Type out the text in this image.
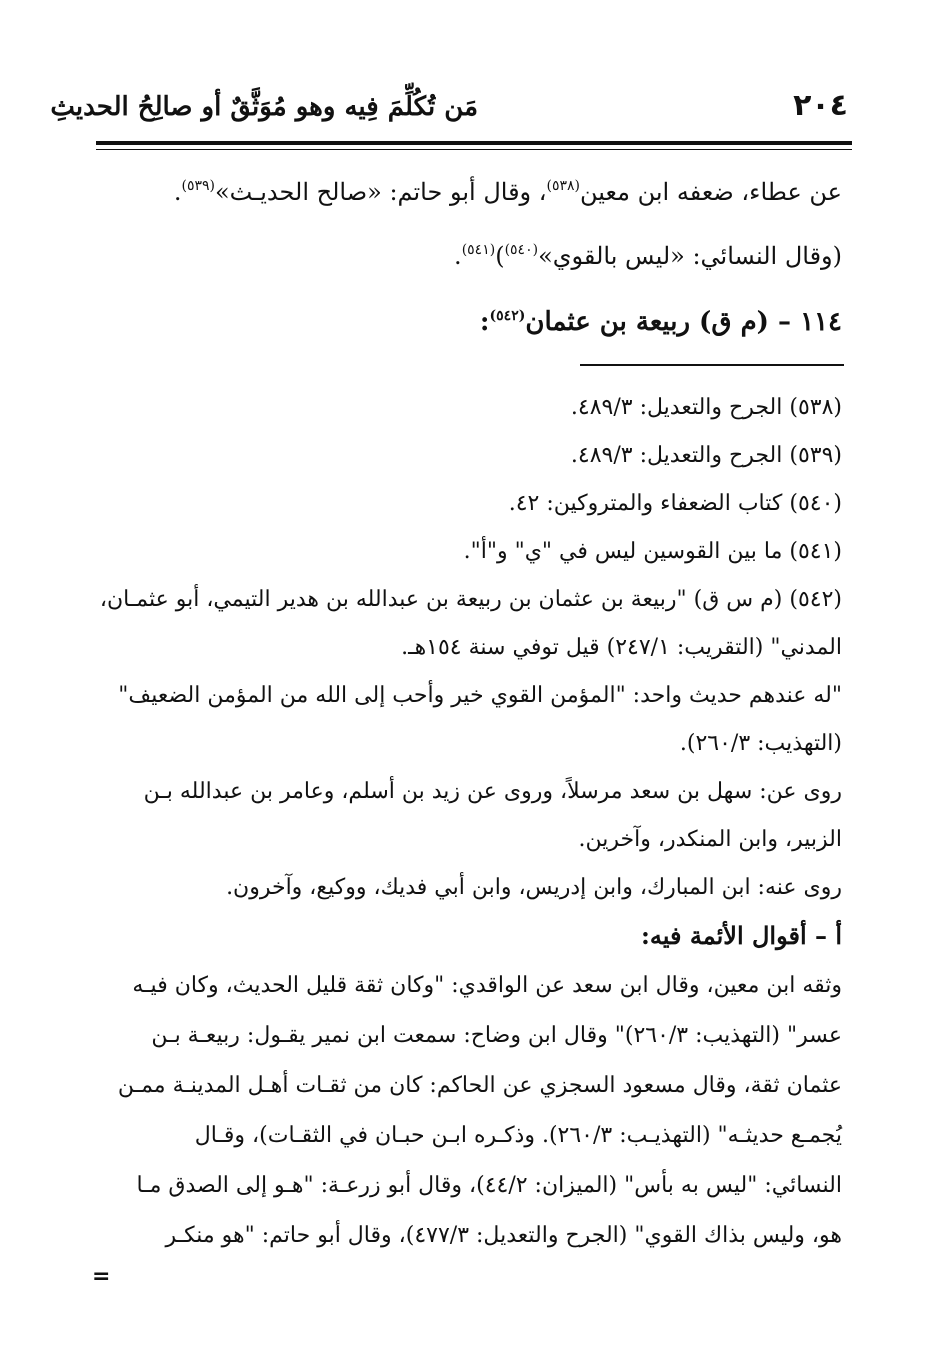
٢٠٤
مَن تُكُلِّمَ فِيه وهو مُوَثَّقٌ أو صالِحُ الحديثِ
عن عطاء، ضعفه ابن معين$^{(٥٣٨)}$، وقال أبو حاتم: «صالح الحديـث»$^{(٥٣٩)}$.
(وقال النسائي: «ليس بالقوي»$^{(٥٤٠)}$)$^{(٥٤١)}$.
١١٤ – (م ق) ربيعة بن عثمان$^{(٥٤٢)}$:
(٥٣٨) الجرح والتعديل: ٤٨٩/٣.
(٥٣٩) الجرح والتعديل: ٤٨٩/٣.
(٥٤٠) كتاب الضعفاء والمتروكين: ٤٢.
(٥٤١) ما بين القوسين ليس في "ي" و"أ".
(٥٤٢) (م س ق) "ربيعة بن عثمان بن ربيعة بن عبدالله بن هدير التيمي، أبو عثمـان،
المدني" (التقريب: ٢٤٧/١) قيل توفي سنة ١٥٤هـ.
"له عندهم حديث واحد: "المؤمن القوي خير وأحب إلى الله من المؤمن الضعيف"
(التهذيب: ٢٦٠/٣).
روى عن: سهل بن سعد مرسلاً، وروى عن زيد بن أسلم، وعامر بن عبدالله بـن
الزبير، وابن المنكدر، وآخرين.
روى عنه: ابن المبارك، وابن إدريس، وابن أبي فديك، ووكيع، وآخرون.
أ – أقوال الأئمة فيه:
وثقه ابن معين، وقال ابن سعد عن الواقدي: "وكان ثقة قليل الحديث، وكان فيـه
عسر" (التهذيب: ٢٦٠/٣)" وقال ابن وضاح: سمعت ابن نمير يقـول: ربيعـة بـن
عثمان ثقة، وقال مسعود السجزي عن الحاكم: كان من ثقـات أهـل المدينـة ممـن
يُجمـع حديثـه" (التهذيـب: ٢٦٠/٣). وذكـره ابـن حبـان في الثقـات)، وقـال
النسائي: "ليس به بأس" (الميزان: ٤٤/٢)، وقال أبو زرعـة: "هـو إلى الصدق مـا
هو، وليس بذاك القوي" (الجرح والتعديل: ٤٧٧/٣)، وقال أبو حاتم: "هو منكـر
=
